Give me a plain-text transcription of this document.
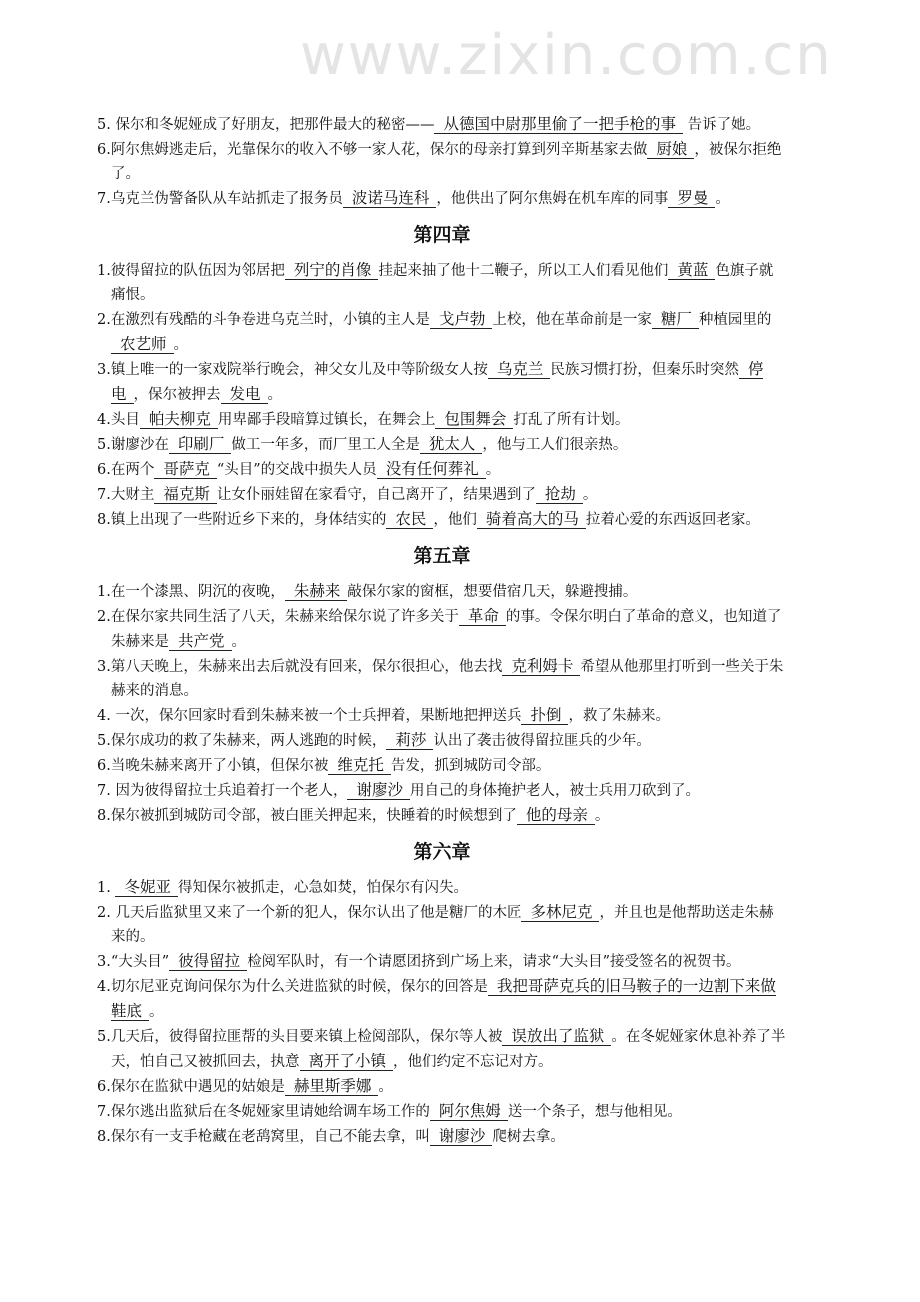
www.zixin.com.cn

5. 保尔和冬妮娅成了好朋友，把那件最大的秘密—— 从德国中尉那里偷了一把手枪的事 告诉了她。

6.阿尔焦姆逃走后，光靠保尔的收入不够一家人花，保尔的母亲打算到列辛斯基家去做 厨娘 ，被保尔拒绝了。

7.乌克兰伪警备队从车站抓走了报务员 波诺马连科 ，他供出了阿尔焦姆在机车库的同事 罗曼 。

第四章

1.彼得留拉的队伍因为邻居把 列宁的肖像 挂起来抽了他十二鞭子，所以工人们看见他们 黄蓝 色旗子就痛恨。

2.在激烈有残酷的斗争卷进乌克兰时，小镇的主人是 戈卢勃 上校，他在革命前是一家 糖厂 种植园里的农艺师 。

3.镇上唯一的一家戏院举行晚会，神父女儿及中等阶级女人按 乌克兰 民族习惯打扮，但秦乐时突然 停电 ，保尔被押去 发电 。

4.头目 帕夫柳克 用卑鄙手段暗算过镇长，在舞会上 包围舞会 打乱了所有计划。

5.谢廖沙在 印刷厂 做工一年多，而厂里工人全是 犹太人 ，他与工人们很亲热。

6.在两个 哥萨克 “头目”的交战中损失人员 没有任何葬礼 。

7.大财主 福克斯 让女仆丽娃留在家看守，自己离开了，结果遇到了 抢劫 。

8.镇上出现了一些附近乡下来的，身体结实的 农民 ，他们 骑着高大的马 拉着心爱的东西返回老家。

第五章

1.在一个漆黑、阴沉的夜晚， 朱赫来 敲保尔家的窗框，想要借宿几天，躲避搜捕。

2.在保尔家共同生活了八天，朱赫来给保尔说了许多关于 革命 的事。令保尔明白了革命的意义，也知道了朱赫来是 共产党 。

3.第八天晚上，朱赫来出去后就没有回来，保尔很担心，他去找 克利姆卡 希望从他那里打听到一些关于朱赫来的消息。

4. 一次，保尔回家时看到朱赫来被一个士兵押着，果断地把押送兵 扑倒 ，救了朱赫来。

5.保尔成功的救了朱赫来，两人逃跑的时候， 莉莎 认出了袭击彼得留拉匪兵的少年。

6.当晚朱赫来离开了小镇，但保尔被 维克托 告发，抓到城防司令部。

7. 因为彼得留拉士兵追着打一个老人， 谢廖沙 用自己的身体掩护老人，被士兵用刀砍到了。

8.保尔被抓到城防司令部，被白匪关押起来，快睡着的时候想到了 他的母亲 。

第六章

1. 冬妮亚 得知保尔被抓走，心急如焚，怕保尔有闪失。

2. 几天后监狱里又来了一个新的犯人，保尔认出了他是糖厂的木匠 多林尼克 ，并且也是他帮助送走朱赫来的。

3.“大头目” 彼得留拉 检阅军队时，有一个请愿团挤到广场上来，请求“大头目”接受签名的祝贺书。

4.切尔尼亚克询问保尔为什么关进监狱的时候，保尔的回答是 我把哥萨克兵的旧马鞍子的一边割下来做鞋底 。

5.几天后，彼得留拉匪帮的头目要来镇上检阅部队，保尔等人被 误放出了监狱 。在冬妮娅家休息补养了半天，怕自己又被抓回去，执意 离开了小镇 ，他们约定不忘记对方。

6.保尔在监狱中遇见的姑娘是 赫里斯季娜 。

7.保尔逃出监狱后在冬妮娅家里请她给调车场工作的 阿尔焦姆 送一个条子，想与他相见。

8.保尔有一支手枪藏在老鸹窝里，自己不能去拿，叫 谢廖沙 爬树去拿。
